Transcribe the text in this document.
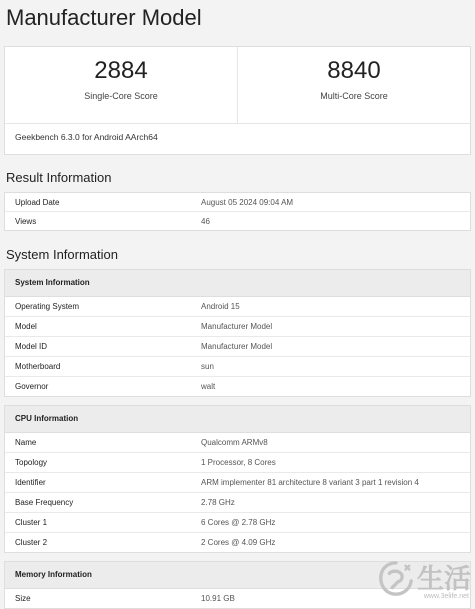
Manufacturer Model
2884
Single-Core Score
8840
Multi-Core Score
Geekbench 6.3.0 for Android AArch64
Result Information
Upload Date	August 05 2024 09:04 AM
Views	46
System Information
System Information
Operating System	Android 15
Model	Manufacturer Model
Model ID	Manufacturer Model
Motherboard	sun
Governor	walt
CPU Information
Name	Qualcomm ARMv8
Topology	1 Processor, 8 Cores
Identifier	ARM implementer 81 architecture 8 variant 3 part 1 revision 4
Base Frequency	2.78 GHz
Cluster 1	6 Cores @ 2.78 GHz
Cluster 2	2 Cores @ 4.09 GHz
Memory Information
Size	10.91 GB
生活
www.3elife.net
